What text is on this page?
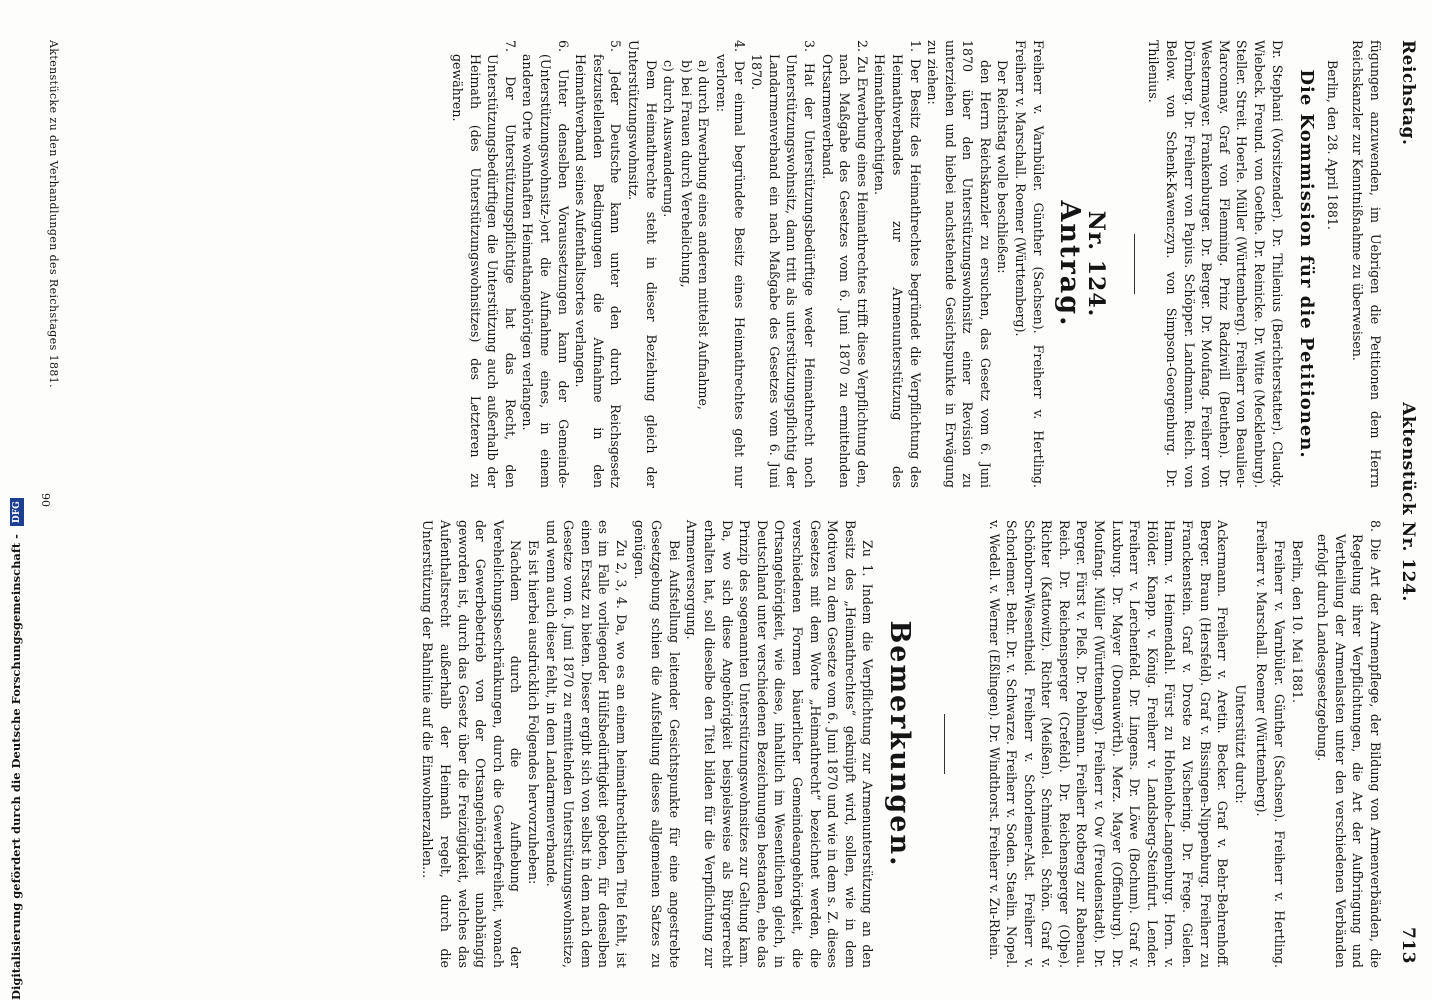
Reichstag.
Aktenstück Nr. 124.
713

fügungen anzuwenden, im Uebrigen die Petitionen dem Herrn Reichskanzler zur Kenntnißnahme zu überweisen.

Berlin, den 28. April 1881.

Die Kommission für die Petitionen.

Dr. Stephani (Vorsitzender). Dr. Thilenius (Berichterstatter). Claudy. Wiebeck. Freund. von Goethe. Dr. Reinicke. Dr. Witte (Mecklenburg). Steller. Streit. Hoerle. Müller (Württemberg). Freiherr von Beaulieu-Marconnay. Graf von Flemming. Prinz Radziwill (Beuthen). Dr. Westermayer. Frankenburger. Dr. Berger. Dr. Moufang. Freiherr von Dörnberg. Dr. Freiherr von Papius. Schöpper. Landmann. Reich. von Below. von Schenk-Kawenczyn. von Simpson-Georgenburg. Dr. Thilenius.

Nr. 124.
Antrag.

Freiherr v. Varnbüler. Günther (Sachsen). Freiherr v. Hertling. Freiherr v. Marschall. Roemer (Württemberg).

Der Reichstag wolle beschließen:

den Herrn Reichskanzler zu ersuchen, das Gesetz vom 6. Juni 1870 über den Unterstützungswohnsitz einer Revision zu unterziehen und hiebei nachstehende Gesichtspunkte in Erwägung zu ziehen:

1. Der Besitz des Heimathrechtes begründet die Verpflichtung des Heimathverbandes zur Armenunterstützung des Heimathberechtigten.

2. Zu Erwerbung eines Heimathrechtes trifft diese Verpflichtung den, nach Maßgabe des Gesetzes vom 6. Juni 1870 zu ermittelnden Ortsarmenverband.

3. Hat der Unterstützungsbedürftige weder Heimathrecht noch Unterstützungswohnsitz, dann tritt als unterstützungspflichtig der Landarmenverband ein nach Maßgabe des Gesetzes vom 6. Juni 1870.

4. Der einmal begründete Besitz eines Heimathrechtes geht nur verloren:

a) durch Erwerbung eines anderen mittelst Aufnahme,

b) bei Frauen durch Verehelichung,

c) durch Auswanderung.

Dem Heimathrechte steht in dieser Beziehung gleich der Unterstützungswohnsitz.

5. Jeder Deutsche kann unter den durch Reichsgesetz festzustellenden Bedingungen die Aufnahme in den Heimathverband seines Aufenthaltsortes verlangen.

6. Unter denselben Voraussetzungen kann der Gemeinde-(Unterstützungswohnsitz-)ort die Aufnahme eines, in einem anderen Orte wohnhaften Heimathangehörigen verlangen.

7. Der Unterstützungspflichtige hat das Recht, den Unterstützungsbedürftigen die Unterstützung auch außerhalb der Heimath (des Unterstützungswohnsitzes) des Letzteren zu gewähren.

8. Die Art der Armenpflege, der Bildung von Armenverbänden, die Regelung ihrer Verpflichtungen, die Art der Aufbringung und Vertheilung der Armenlasten unter den verschiedenen Verbänden erfolgt durch Landesgesetzgebung.

Berlin, den 10. Mai 1881.

Freiherr v. Varnbüler. Günther (Sachsen). Freiherr v. Hertling. Freiherr v. Marschall. Roemer (Württemberg).

Unterstützt durch:

Ackermann. Freiherr v. Aretin. Becker. Graf v. Behr-Behrenhoff. Berger. Braun (Hersfeld). Graf v. Bissingen-Nippenburg. Freiherr zu Franckenstein. Graf v. Droste zu Vischering. Dr. Frege. Gielen. Hamm. v. Heimendahl. Fürst zu Hohenlohe-Langenburg. Horn. v. Hölder. Knapp. v. König. Freiherr v. Landsberg-Steinfurt. Lender. Freiherr v. Lerchenfeld. Dr. Lingens. Dr. Löwe (Bochum). Graf v. Luxburg. Dr. Mayer (Donauwörth). Merz. Mayer (Offenburg). Dr. Moufang. Müller (Württemberg). Freiherr v. Ow (Freudenstadt). Dr. Perger. Fürst v. Pleß. Dr. Pohlmann. Freiherr Rotberg zur Rabenau. Reich. Dr. Reichensperger (Crefeld). Dr. Reichensperger (Olpe). Richter (Kattowitz). Richter (Meißen). Schmiedel. Schön. Graf v. Schönborn-Wiesentheid. Freiherr v. Schorlemer-Alst. Freiherr v. Schorlemer. Behr. Dr. v. Schwarze. Freiherr v. Soden. Staelin. Nopel. v. Wedell. v. Werner (Eßlingen). Dr. Windthorst. Freiherr v. Zu-Rhein.

Bemerkungen.

Zu 1. Indem die Verpflichtung zur Armenunterstützung an den Besitz des „Heimathrechtes“ geknüpft wird, sollen, wie in dem Motiven zu dem Gesetze vom 6. Juni 1870 und wie in dem s. Z. dieses Gesetzes mit dem Worte „Heimathrecht“ bezeichnet werden, die verschiedenen Formen bäuerlicher Gemeindeangehörigkeit, die Ortsangehörigkeit, wie diese, inhaltlich im Wesentlichen gleich, in Deutschland unter verschiedenen Bezeichnungen bestanden, ehe das Prinzip des sogenannten Unterstützungswohnsitzes zur Geltung kam. Da, wo sich diese Angehörigkeit beispielsweise als Bürgerrecht erhalten hat, soll dieselbe den Titel bilden für die Verpflichtung zur Armenversorgung.

Bei Aufstellung leitender Gesichtspunkte für eine angestrebte Gesetzgebung schien die Aufstellung dieses allgemeinen Satzes zu genügen.

Zu 2, 3, 4. Da, wo es an einem heimathrechtlichen Titel fehlt, ist es im Falle vorliegender Hülfsbedürftigkeit geboten, für denselben einen Ersatz zu bieten. Dieser ergibt sich von selbst in dem nach dem Gesetze vom 6. Juni 1870 zu ermittelnden Unterstützungswohnsitze, und wenn auch dieser fehlt, in dem Landarmenverbande.

Es ist hierbei ausdrücklich Folgendes hervorzuheben:

Nachdem durch die Aufhebung der Verehelichungsbeschränkungen, durch die Gewerbefreiheit, wonach der Gewerbebetrieb von der Ortsangehörigkeit unabhängig geworden ist, durch das Gesetz über die Freizügigkeit, welches das Aufenthaltsrecht außerhalb der Heimath regelt, durch die Unterstützung der Bahnlinie auf die Einwohnerzahlen...

Aktenstücke zu den Verhandlungen des Reichstages 1881.
90
Digitalisierung gefördert durch die Deutsche Forschungsgemeinschaft -DFG
